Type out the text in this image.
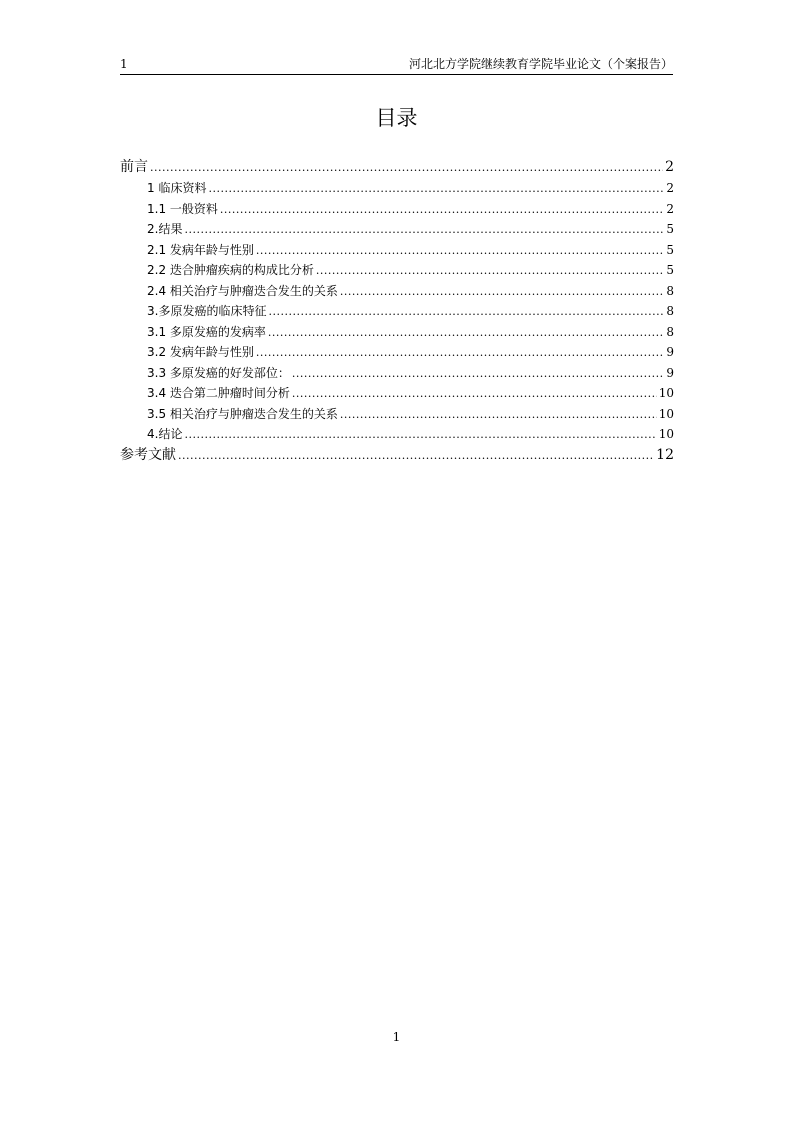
1	河北北方学院继续教育学院毕业论文（个案报告）
目录
前言 .....	2
1 临床资料 .....	2
1.1 一般资料 .....	2
2.结果 .....	5
2.1 发病年龄与性别 .....	5
2.2 迭合肿瘤疾病的构成比分析 .....	5
2.4 相关治疗与肿瘤迭合发生的关系 .....	8
3.多原发癌的临床特征 .....	8
3.1 多原发癌的发病率 .....	8
3.2 发病年龄与性别 .....	9
3.3 多原发癌的好发部位： .....	9
3.4 迭合第二肿瘤时间分析 .....	10
3.5 相关治疗与肿瘤迭合发生的关系 .....	10
4.结论 .....	10
参考文献 .....	12
1
